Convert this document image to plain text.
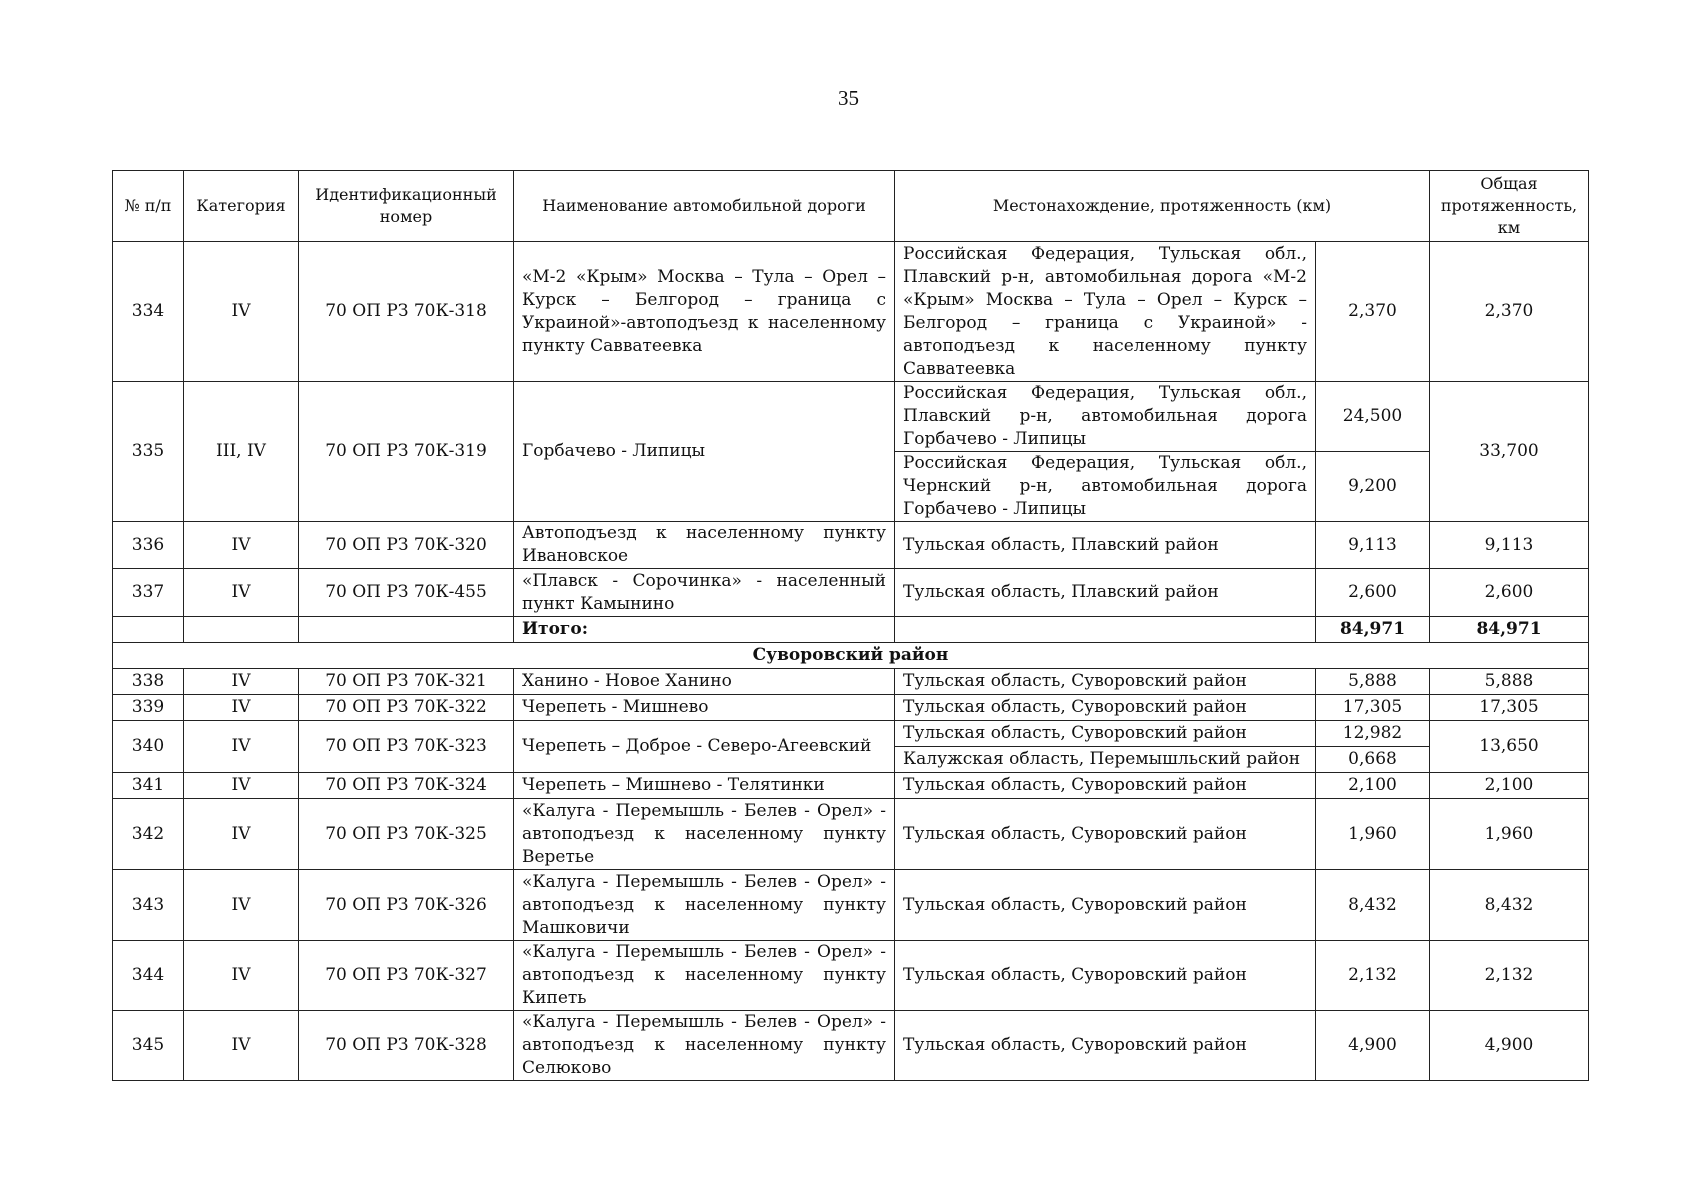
35
№ п/п	Категория	Идентификационный номер	Наименование автомобильной дороги	Местонахождение, протяженность (км)		Общая протяженность, км
334	IV	70 ОП РЗ 70К-318	«М-2 «Крым» Москва – Тула – Орел – Курск – Белгород – граница с Украиной»-автоподъезд к населенному пункту Савватеевка	Российская Федерация, Тульская обл., Плавский р-н, автомобильная дорога «М-2 «Крым» Москва – Тула – Орел – Курск – Белгород – граница с Украиной» - автоподъезд к населенному пункту Савватеевка	2,370	2,370
335	III, IV	70 ОП РЗ 70К-319	Горбачево - Липицы	Российская Федерация, Тульская обл., Плавский р-н, автомобильная дорога Горбачево - Липицы	24,500	33,700
				Российская Федерация, Тульская обл., Чернский р-н, автомобильная дорога Горбачево - Липицы	9,200	
336	IV	70 ОП РЗ 70К-320	Автоподъезд к населенному пункту Ивановское	Тульская область, Плавский район	9,113	9,113
337	IV	70 ОП РЗ 70К-455	«Плавск - Сорочинка» - населенный пункт Камынино	Тульская область, Плавский район	2,600	2,600
			Итого:		84,971	84,971
Суворовский район						
338	IV	70 ОП РЗ 70К-321	Ханино - Новое Ханино	Тульская область, Суворовский район	5,888	5,888
339	IV	70 ОП РЗ 70К-322	Черепеть - Мишнево	Тульская область, Суворовский район	17,305	17,305
340	IV	70 ОП РЗ 70К-323	Черепеть – Доброе - Северо-Агеевский	Тульская область, Суворовский район	12,982	13,650
				Калужская область, Перемышльский район	0,668	
341	IV	70 ОП РЗ 70К-324	Черепеть – Мишнево - Телятинки	Тульская область, Суворовский район	2,100	2,100
342	IV	70 ОП РЗ 70К-325	«Калуга - Перемышль - Белев - Орел» - автоподъезд к населенному пункту Веретье	Тульская область, Суворовский район	1,960	1,960
343	IV	70 ОП РЗ 70К-326	«Калуга - Перемышль - Белев - Орел» - автоподъезд к населенному пункту Машковичи	Тульская область, Суворовский район	8,432	8,432
344	IV	70 ОП РЗ 70К-327	«Калуга - Перемышль - Белев - Орел» - автоподъезд к населенному пункту Кипеть	Тульская область, Суворовский район	2,132	2,132
345	IV	70 ОП РЗ 70К-328	«Калуга - Перемышль - Белев - Орел» - автоподъезд к населенному пункту Селюково	Тульская область, Суворовский район	4,900	4,900
